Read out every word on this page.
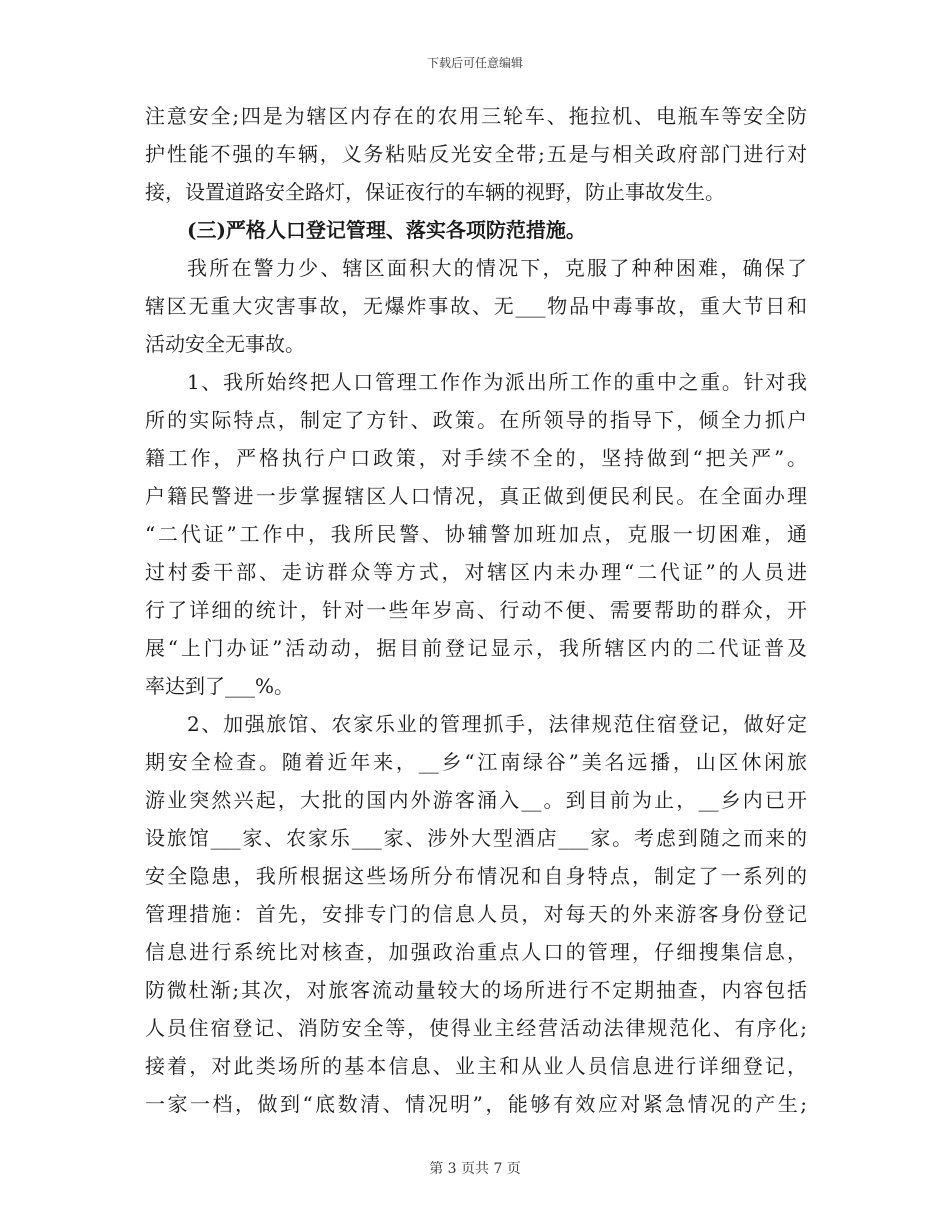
下载后可任意编辑
注意安全;四是为辖区内存在的农用三轮车、拖拉机、电瓶车等安全防
护性能不强的车辆，义务粘贴反光安全带;五是与相关政府部门进行对
接，设置道路安全路灯，保证夜行的车辆的视野，防止事故发生。
(三)严格人口登记管理、落实各项防范措施。
我所在警力少、辖区面积大的情况下，克服了种种困难，确保了
辖区无重大灾害事故，无爆炸事故、无___物品中毒事故，重大节日和
活动安全无事故。
1、我所始终把人口管理工作作为派出所工作的重中之重。针对我
所的实际特点，制定了方针、政策。在所领导的指导下，倾全力抓户
籍工作，严格执行户口政策，对手续不全的，坚持做到“把关严”。
户籍民警进一步掌握辖区人口情况，真正做到便民利民。在全面办理
“二代证”工作中，我所民警、协辅警加班加点，克服一切困难，通
过村委干部、走访群众等方式，对辖区内未办理“二代证”的人员进
行了详细的统计，针对一些年岁高、行动不便、需要帮助的群众，开
展“上门办证”活动动，据目前登记显示，我所辖区内的二代证普及
率达到了___%。
2、加强旅馆、农家乐业的管理抓手，法律规范住宿登记，做好定
期安全检查。随着近年来，__乡“江南绿谷”美名远播，山区休闲旅
游业突然兴起，大批的国内外游客涌入__。到目前为止，__乡内已开
设旅馆___家、农家乐___家、涉外大型酒店___家。考虑到随之而来的
安全隐患，我所根据这些场所分布情况和自身特点，制定了一系列的
管理措施：首先，安排专门的信息人员，对每天的外来游客身份登记
信息进行系统比对核查，加强政治重点人口的管理，仔细搜集信息，
防微杜渐;其次，对旅客流动量较大的场所进行不定期抽查，内容包括
人员住宿登记、消防安全等，使得业主经营活动法律规范化、有序化;
接着，对此类场所的基本信息、业主和从业人员信息进行详细登记，
一家一档，做到“底数清、情况明”，能够有效应对紧急情况的产生;
第 3 页共 7 页
